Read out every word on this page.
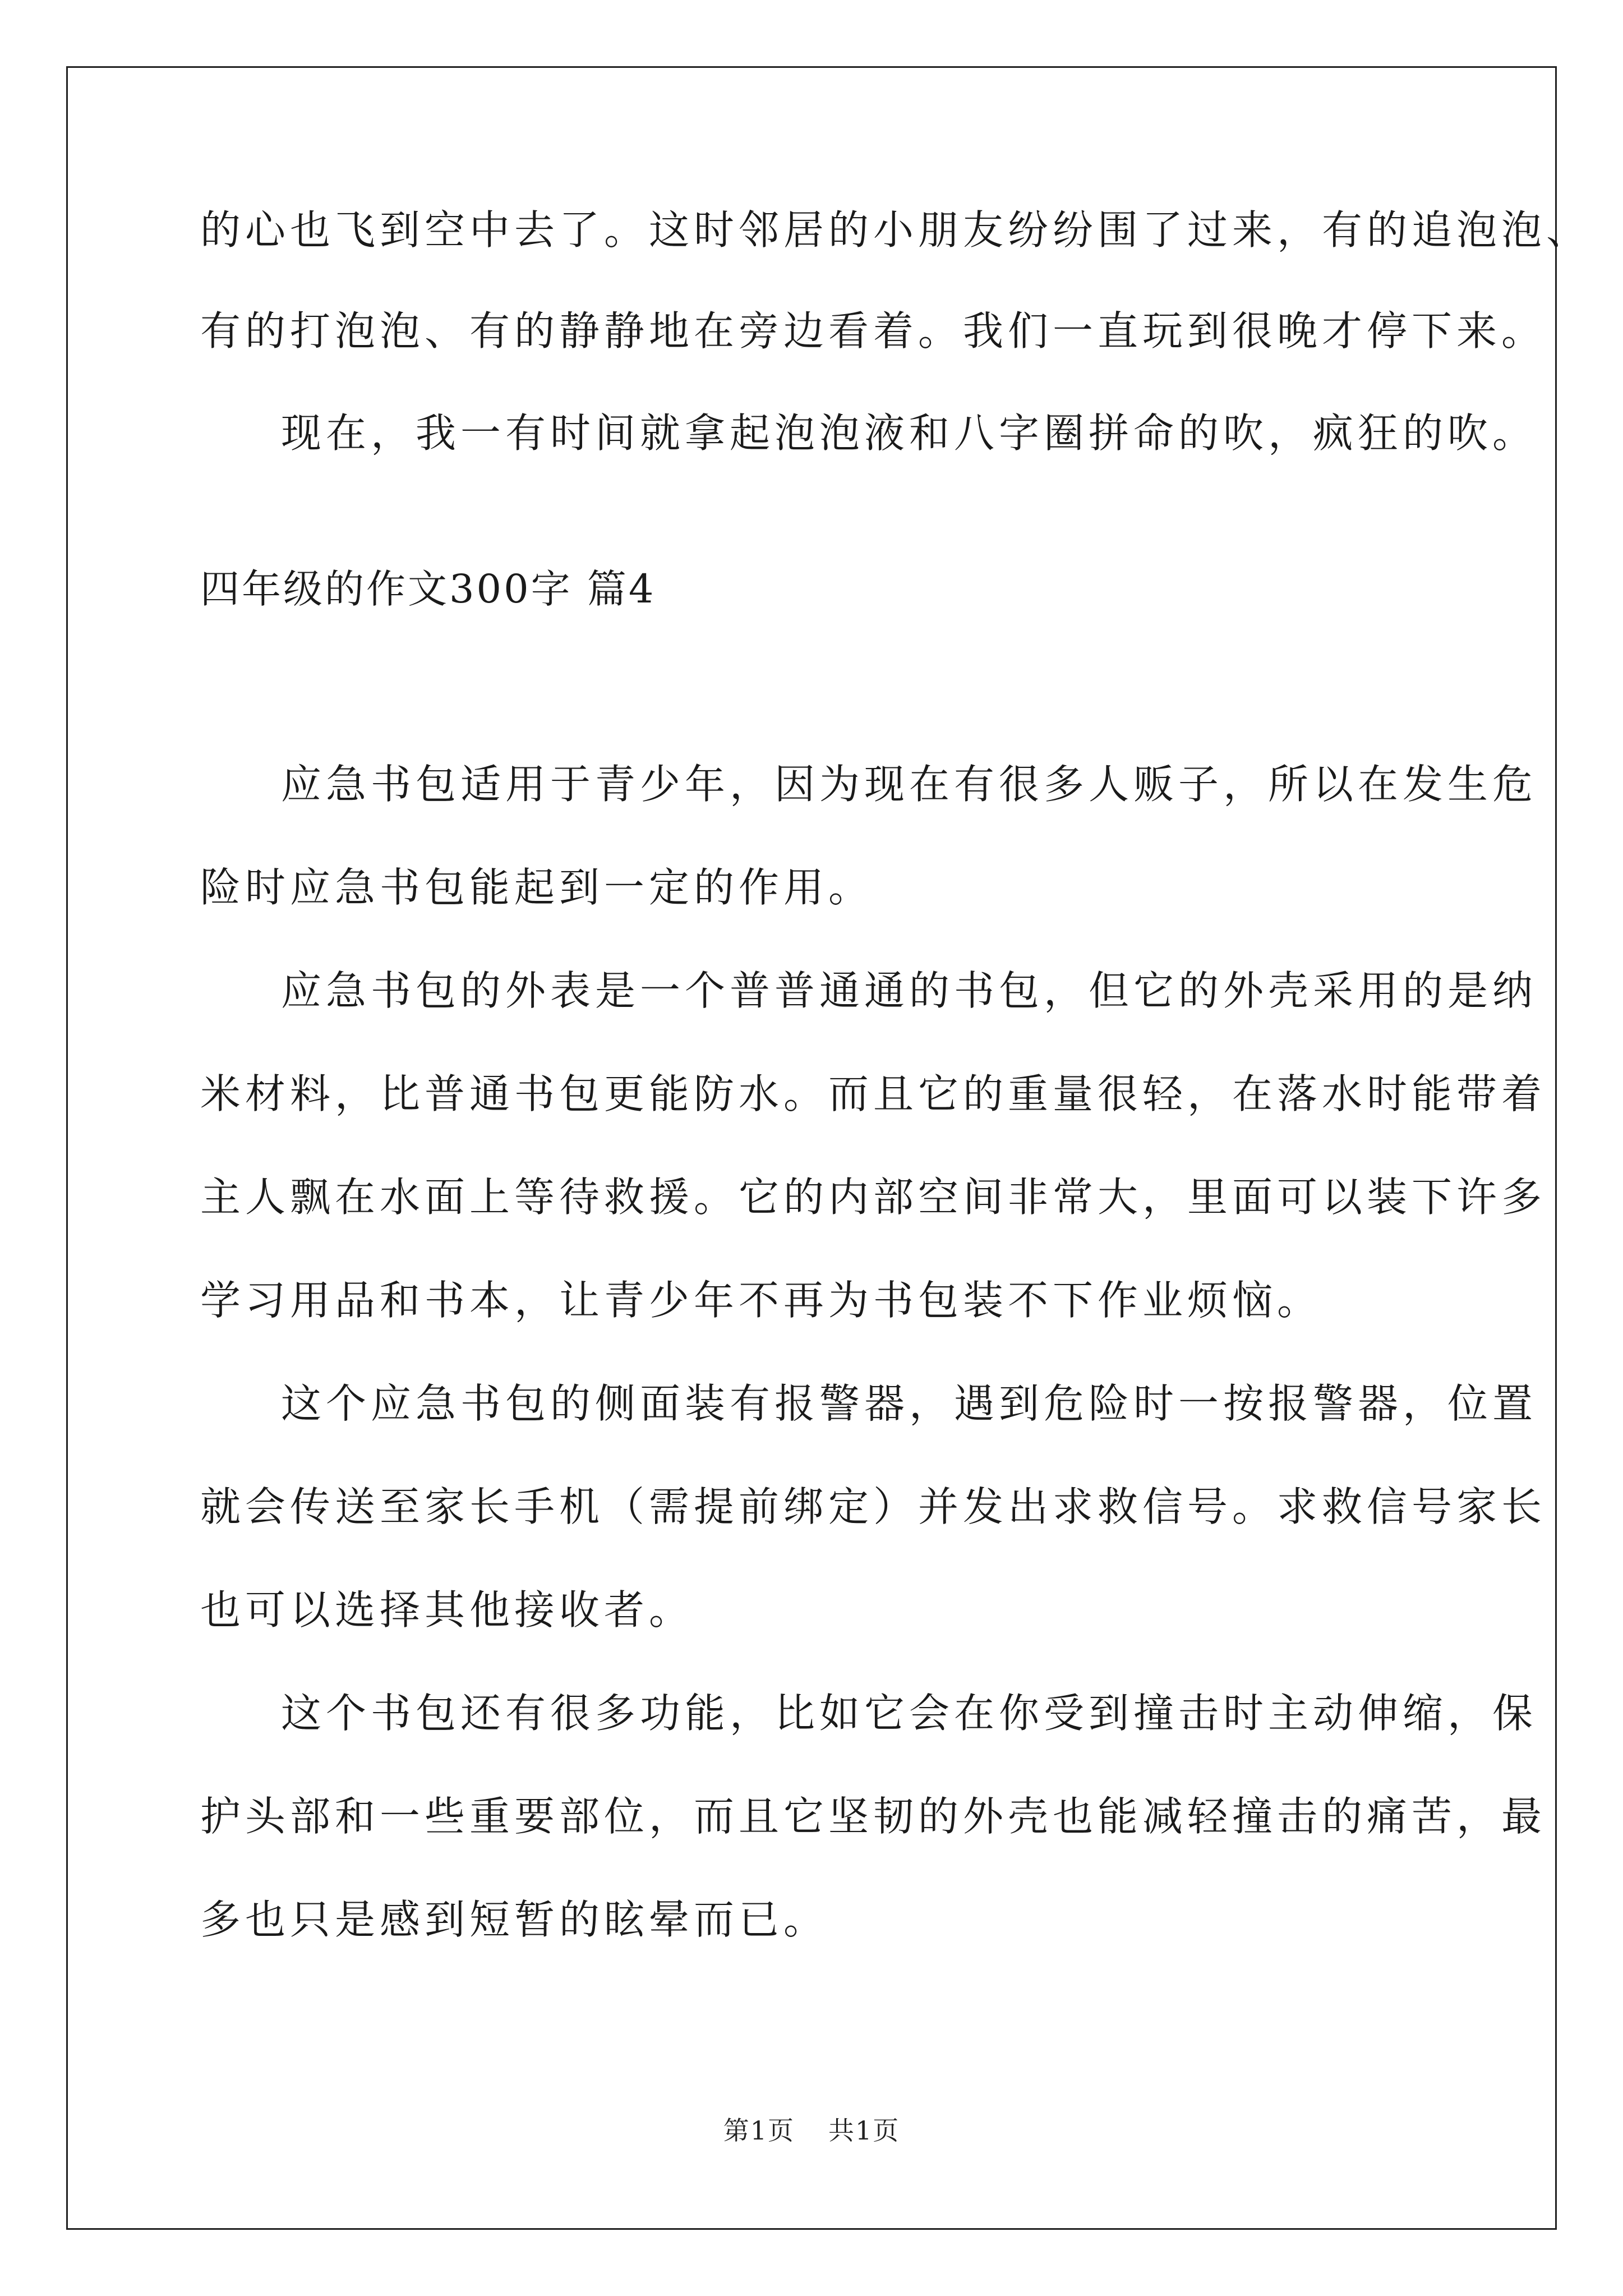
的心也飞到空中去了。这时邻居的小朋友纷纷围了过来，有的追泡泡、
有的打泡泡、有的静静地在旁边看着。我们一直玩到很晚才停下来。
现在，我一有时间就拿起泡泡液和八字圈拼命的吹，疯狂的吹。
四年级的作文300字 篇4
应急书包适用于青少年，因为现在有很多人贩子，所以在发生危
险时应急书包能起到一定的作用。
应急书包的外表是一个普普通通的书包，但它的外壳采用的是纳
米材料，比普通书包更能防水。而且它的重量很轻，在落水时能带着
主人飘在水面上等待救援。它的内部空间非常大，里面可以装下许多
学习用品和书本，让青少年不再为书包装不下作业烦恼。
这个应急书包的侧面装有报警器，遇到危险时一按报警器，位置
就会传送至家长手机（需提前绑定）并发出求救信号。求救信号家长
也可以选择其他接收者。
这个书包还有很多功能，比如它会在你受到撞击时主动伸缩，保
护头部和一些重要部位，而且它坚韧的外壳也能减轻撞击的痛苦，最
多也只是感到短暂的眩晕而已。
第1页 共1页
